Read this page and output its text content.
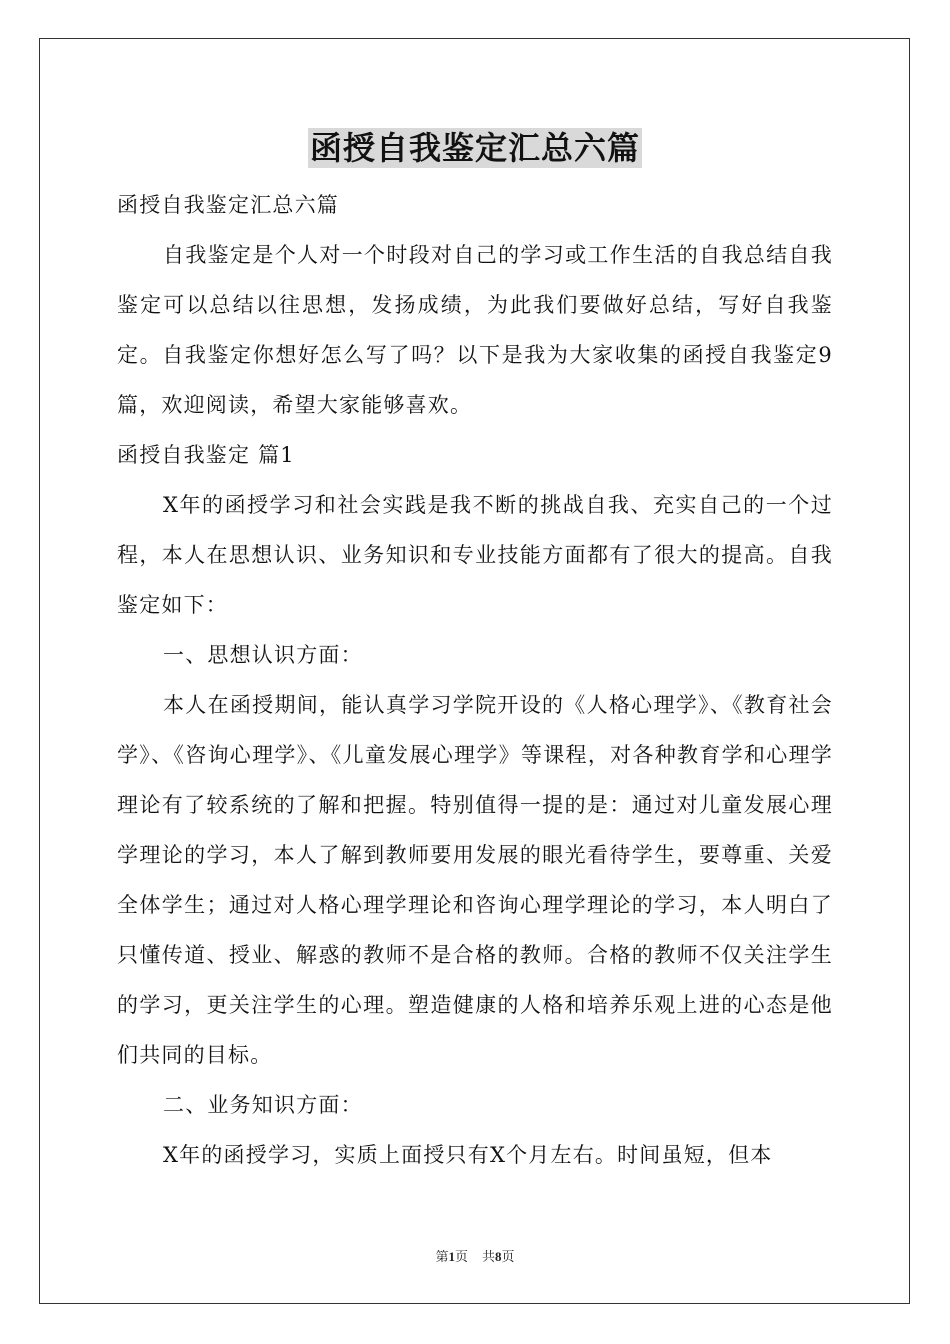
函授自我鉴定汇总六篇

函授自我鉴定汇总六篇

自我鉴定是个人对一个时段对自己的学习或工作生活的自我总结自我鉴定可以总结以往思想，发扬成绩，为此我们要做好总结，写好自我鉴定。自我鉴定你想好怎么写了吗？以下是我为大家收集的函授自我鉴定9篇，欢迎阅读，希望大家能够喜欢。

函授自我鉴定 篇1

X年的函授学习和社会实践是我不断的挑战自我、充实自己的一个过程，本人在思想认识、业务知识和专业技能方面都有了很大的提高。自我鉴定如下：

一、思想认识方面：

本人在函授期间，能认真学习学院开设的《人格心理学》、《教育社会学》、《咨询心理学》、《儿童发展心理学》等课程，对各种教育学和心理学理论有了较系统的了解和把握。特别值得一提的是：通过对儿童发展心理学理论的学习，本人了解到教师要用发展的眼光看待学生，要尊重、关爱全体学生；通过对人格心理学理论和咨询心理学理论的学习，本人明白了只懂传道、授业、解惑的教师不是合格的教师。合格的教师不仅关注学生的学习，更关注学生的心理。塑造健康的人格和培养乐观上进的心态是他们共同的目标。

二、业务知识方面：

X年的函授学习，实质上面授只有X个月左右。时间虽短，但本

第1页 共8页
